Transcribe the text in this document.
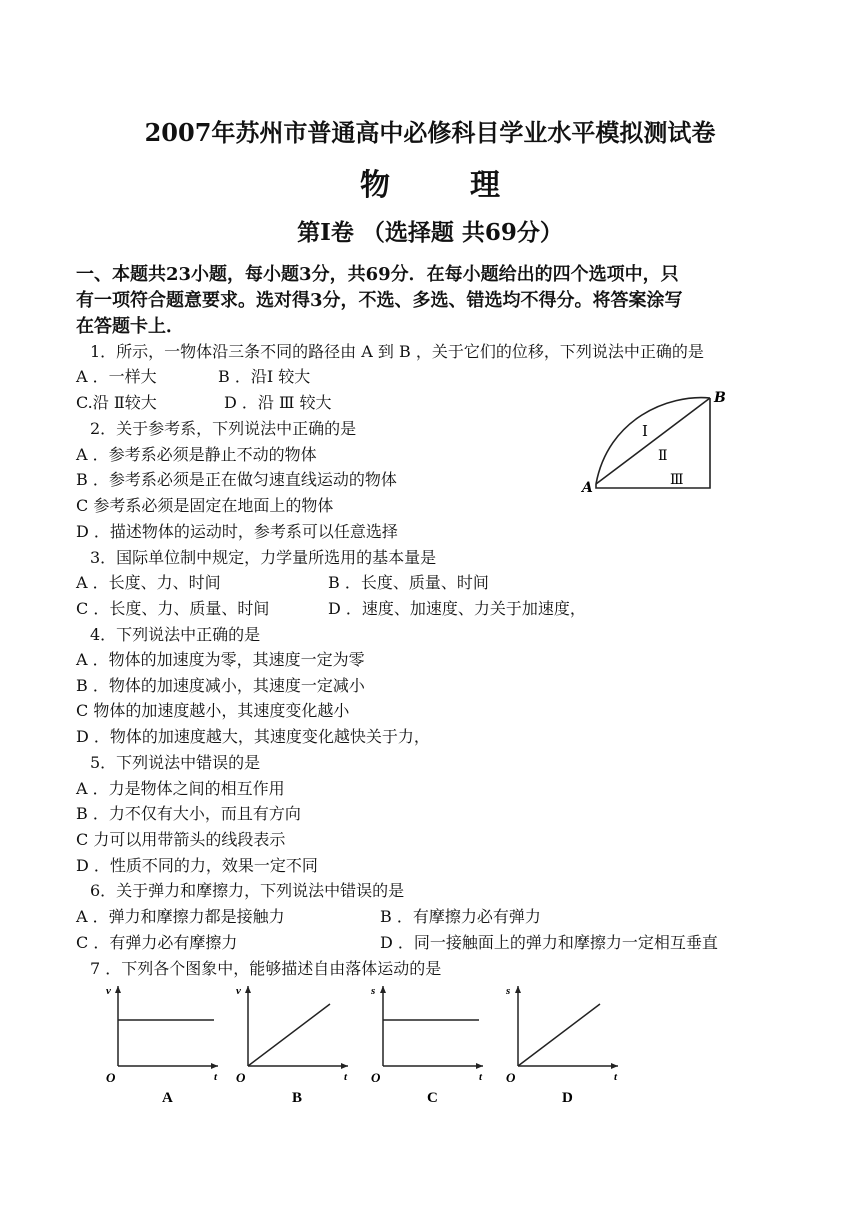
2007年苏州市普通高中必修科目学业水平模拟测试卷
物	理
第Ⅰ卷 （选择题 共69分）
一、本题共23小题，每小题3分，共69分．在每小题给出的四个选项中，只
有一项符合题意要求。选对得3分，不选、多选、错选均不得分。将答案涂写
在答题卡上．
1．所示，一物体沿三条不同的路径由 A 到 B ，关于它们的位移，下列说法中正确的是
A ．一样大	B ．沿Ⅰ 较大
C.沿 Ⅱ较大	D ．沿 Ⅲ 较大
A
B
Ⅰ
Ⅱ
Ⅲ
2．关于参考系，下列说法中正确的是
A ．参考系必须是静止不动的物体
B ．参考系必须是正在做匀速直线运动的物体
C 参考系必须是固定在地面上的物体
D ．描述物体的运动时，参考系可以任意选择
3．国际单位制中规定，力学量所选用的基本量是
A ．长度、力、时间	B ．长度、质量、时间
C ．长度、力、质量、时间	D ．速度、加速度、力关于加速度，
4．下列说法中正确的是
A ．物体的加速度为零，其速度一定为零
B ．物体的加速度减小，其速度一定减小
C 物体的加速度越小，其速度变化越小
D ．物体的加速度越大，其速度变化越快关于力，
5．下列说法中错误的是
A ．力是物体之间的相互作用
B ．力不仅有大小，而且有方向
C 力可以用带箭头的线段表示
D ．性质不同的力，效果一定不同
6．关于弹力和摩擦力，下列说法中错误的是
A ．弹力和摩擦力都是接触力	B ．有摩擦力必有弹力
C ．有弹力必有摩擦力	D ．同一接触面上的弹力和摩擦力一定相互垂直
7 ．下列各个图象中，能够描述自由落体运动的是
v
t
O
A
v
t
O
B
s
t
O
C
s
t
O
D
